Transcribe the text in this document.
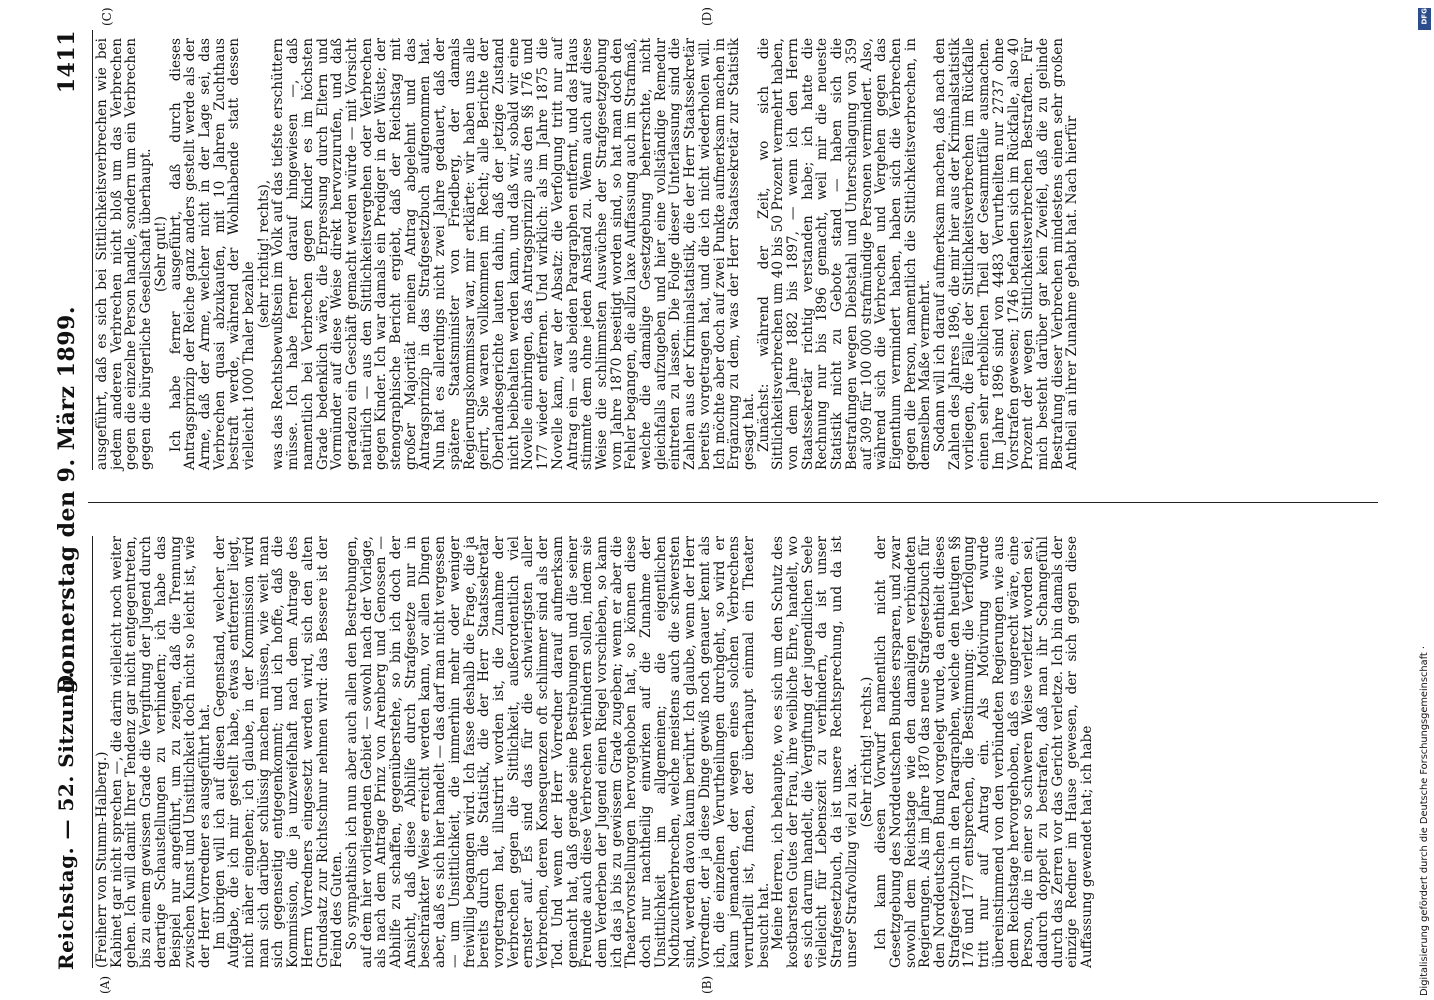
Reichstag. — 52. Sitzung.
Donnerstag den 9. März 1899.
1411
(A)	(B)
(C)	(D)

(Freiherr von Stumm-Halberg.)

Kabinet gar nicht sprechen —, die darin vielleicht noch weiter gehen. Ich will damit Ihrer Tendenz gar nicht entgegentreten, bis zu einem gewissen Grade die Vergiftung der Jugend durch derartige Schaustellungen zu verhindern; ich habe das Beispiel nur angeführt, um zu zeigen, daß die Trennung zwischen Kunst und Unsittlichkeit doch nicht so leicht ist, wie der Herr Vorredner es ausgeführt hat.

Im übrigen will ich auf diesen Gegenstand, welcher der Aufgabe, die ich mir gestellt habe, etwas entfernter liegt, nicht näher eingehen; ich glaube, in der Kommission wird man sich darüber schlüssig machen müssen, wie weit man sich gegenseitig entgegenkommt; und ich hoffe, daß die Kommission, die ja unzweifelhaft nach dem Antrage des Herrn Vorredners eingesetzt werden wird, sich den alten Grundsatz zur Richtschnur nehmen wird: das Bessere ist der Feind des Guten.

So sympathisch ich nun aber auch allen den Bestrebungen, auf dem hier vorliegenden Gebiet — sowohl nach der Vorlage, als nach dem Antrage Prinz von Arenberg und Genossen — Abhilfe zu schaffen, gegenüberstehe, so bin ich doch der Ansicht, daß diese Abhilfe durch Strafgesetze nur in beschränkter Weise erreicht werden kann, vor allen Dingen aber, daß es sich hier handelt — das darf man nicht vergessen — um Unsittlichkeit, die immerhin mehr oder weniger freiwillig begangen wird. Ich fasse deshalb die Frage, die ja bereits durch die Statistik, die der Herr Staatssekretär vorgetragen hat, illustrirt worden ist, die Zunahme der Verbrechen gegen die Sittlichkeit, außerordentlich viel ernster auf. Es sind das für die schwierigsten aller Verbrechen, deren Konsequenzen oft schlimmer sind als der Tod. Und wenn der Herr Vorredner darauf aufmerksam gemacht hat, daß gerade seine Bestrebungen und die seiner Freunde auch diese Verbrechen verhindern sollen, indem sie dem Verderben der Jugend einen Riegel vorschieben, so kann ich das ja bis zu gewissem Grade zugeben; wenn er aber die Theatervorstellungen hervorgehoben hat, so können diese doch nur nachtheilig einwirken auf die Zunahme der Unsittlichkeit im allgemeinen; die eigentlichen Nothzuchtverbrechen, welche meistens auch die schwersten sind, werden davon kaum berührt. Ich glaube, wenn der Herr Vorredner, der ja diese Dinge gewiß noch genauer kennt als ich, die einzelnen Verurtheilungen durchgeht, so wird er kaum jemanden, der wegen eines solchen Verbrechens verurtheilt ist, finden, der überhaupt einmal ein Theater besucht hat.

Meine Herren, ich behaupte, wo es sich um den Schutz des kostbarsten Gutes der Frau, ihre weibliche Ehre, handelt, wo es sich darum handelt, die Vergiftung der jugendlichen Seele vielleicht für Lebenszeit zu verhindern, da ist unser Strafgesetzbuch, da ist unsere Rechtsprechung, und da ist unser Strafvollzug viel zu lax.

(Sehr richtig! rechts.)

Ich kann diesen Vorwurf namentlich nicht der Gesetzgebung des Norddeutschen Bundes ersparen, und zwar sowohl dem Reichstage wie den damaligen verbündeten Regierungen. Als im Jahre 1870 das neue Strafgesetzbuch für den Norddeutschen Bund vorgelegt wurde, da enthielt dieses Strafgesetzbuch in den Paragraphen, welche den heutigen §§ 176 und 177 entsprechen, die Bestimmung: die Verfolgung tritt nur auf Antrag ein. Als Motivirung wurde übereinstimmend von den verbündeten Regierungen wie aus dem Reichstage hervorgehoben, daß es ungerecht wäre, eine Person, die in einer so schweren Weise verletzt worden sei, dadurch doppelt zu bestrafen, daß man ihr Schamgefühl durch das Zerren vor das Gericht verletze. Ich bin damals der einzige Redner im Hause gewesen, der sich gegen diese Auffassung gewendet hat; ich habe

ausgeführt, daß es sich bei Sittlichkeitsverbrechen wie bei jedem anderen Verbrechen nicht bloß um das Verbrechen gegen die einzelne Person handle, sondern um ein Verbrechen gegen die bürgerliche Gesellschaft überhaupt.

(Sehr gut!)

Ich habe ferner ausgeführt, daß durch dieses Antragsprinzip der Reiche ganz anders gestellt werde als der Arme, daß der Arme, welcher nicht in der Lage sei, das Verbrechen quasi abzukaufen, mit 10 Jahren Zuchthaus bestraft werde, während der Wohlhabende statt dessen vielleicht 1000 Thaler bezahle

(sehr richtig! rechts),

was das Rechtsbewußtsein im Volk auf das tiefste erschüttern müsse. Ich habe ferner darauf hingewiesen —, daß namentlich bei Verbrechen gegen Kinder es im höchsten Grade bedenklich wäre, die Erpressung durch Eltern und Vormünder auf diese Weise direkt hervorzurufen, und daß geradezu ein Geschäft gemacht werden würde — mit Vorsicht natürlich — aus den Sittlichkeitsvergehen oder Verbrechen gegen Kinder. Ich war damals ein Prediger in der Wüste; der stenographische Bericht ergiebt, daß der Reichstag mit großer Majorität meinen Antrag abgelehnt und das Antragsprinzip in das Strafgesetzbuch aufgenommen hat. Nun hat es allerdings nicht zwei Jahre gedauert, daß der spätere Staatsminister von Friedberg, der damals Regierungskommissar war, mir erklärte: wir haben uns alle geirrt, Sie waren vollkommen im Recht; alle Berichte der Oberlandesgerichte lauten dahin, daß der jetzige Zustand nicht beibehalten werden kann, und daß wir, sobald wir eine Novelle einbringen, das Antragsprinzip aus den §§ 176 und 177 wieder entfernen. Und wirklich: als im Jahre 1875 die Novelle kam, war der Absatz: die Verfolgung tritt nur auf Antrag ein — aus beiden Paragraphen entfernt, und das Haus stimmte dem ohne jeden Anstand zu. Wenn auch auf diese Weise die schlimmsten Auswüchse der Strafgesetzgebung vom Jahre 1870 beseitigt worden sind, so hat man doch den Fehler begangen, die allzu laxe Auffassung auch im Strafmaß, welche die damalige Gesetzgebung beherrschte, nicht gleichfalls aufzugeben und hier eine vollständige Remedur eintreten zu lassen. Die Folge dieser Unterlassung sind die Zahlen aus der Kriminalstatistik, die der Herr Staatssekretär bereits vorgetragen hat, und die ich nicht wiederholen will. Ich möchte aber doch auf zwei Punkte aufmerksam machen in Ergänzung zu dem, was der Herr Staatssekretär zur Statistik gesagt hat.

Zunächst: während der Zeit, wo sich die Sittlichkeitsverbrechen um 40 bis 50 Prozent vermehrt haben, von dem Jahre 1882 bis 1897, — wenn ich den Herrn Staatssekretär richtig verstanden habe; ich hatte die Rechnung nur bis 1896 gemacht, weil mir die neueste Statistik nicht zu Gebote stand — haben sich die Bestrafungen wegen Diebstahl und Unterschlagung von 359 auf 309 für 100 000 strafmündige Personen vermindert. Also, während sich die Verbrechen und Vergehen gegen das Eigenthum vermindert haben, haben sich die Verbrechen gegen die Person, namentlich die Sittlichkeitsverbrechen, in demselben Maße vermehrt.

Sodann will ich darauf aufmerksam machen, daß nach den Zahlen des Jahres 1896, die mir hier aus der Kriminalstatistik vorliegen, die Fälle der Sittlichkeitsverbrechen im Rückfalle einen sehr erheblichen Theil der Gesammtfälle ausmachen. Im Jahre 1896 sind von 4483 Verurtheilten nur 2737 ohne Vorstrafen gewesen; 1746 befanden sich im Rückfalle, also 40 Prozent der wegen Sittlichkeitsverbrechen Bestraften. Für mich besteht darüber gar kein Zweifel, daß die zu gelinde Bestrafung dieser Verbrechen mindestens einen sehr großen Antheil an ihrer Zunahme gehabt hat. Nach hierfür

DFG
Digitalisierung gefördert durch die Deutsche Forschungsgemeinschaft ·
